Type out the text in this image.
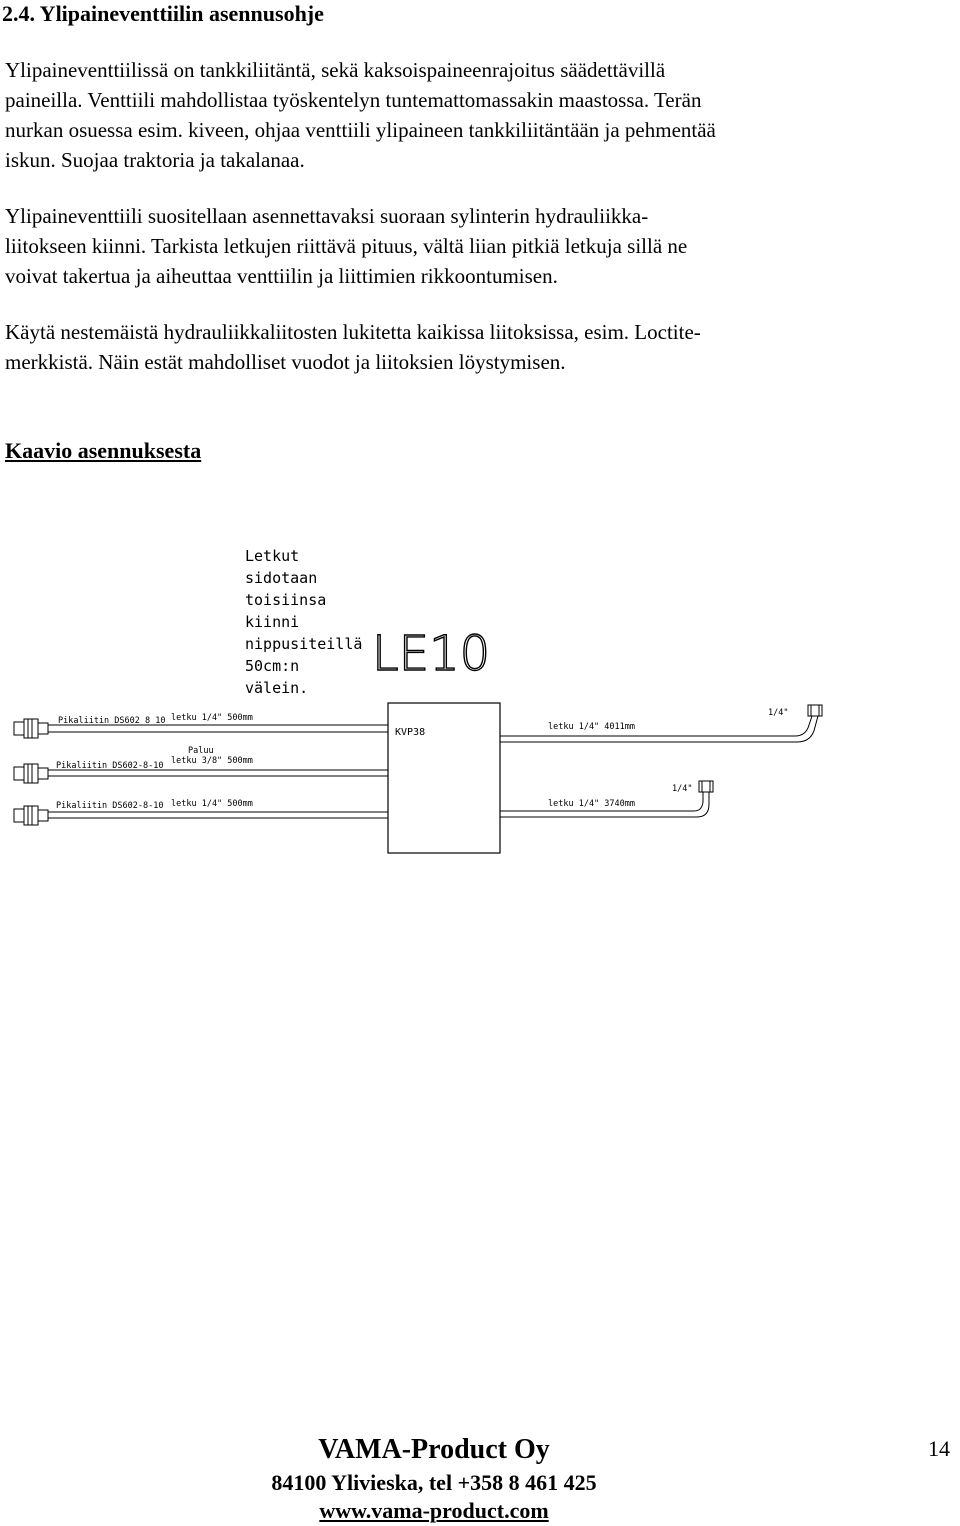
2.4. Ylipaineventtiilin asennusohje

Ylipaineventtiilissä on tankkiliitäntä, sekä kaksoispaineenrajoitus säädettävillä
paineilla. Venttiili mahdollistaa työskentelyn tuntemattomassakin maastossa. Terän
nurkan osuessa esim. kiveen, ohjaa venttiili ylipaineen tankkiliitäntään ja pehmentää
iskun. Suojaa traktoria ja takalanaa.

Ylipaineventtiili suositellaan asennettavaksi suoraan sylinterin hydrauliikka-
liitokseen kiinni. Tarkista letkujen riittävä pituus, vältä liian pitkiä letkuja sillä ne
voivat takertua ja aiheuttaa venttiilin ja liittimien rikkoontumisen.

Käytä nestemäistä hydrauliikkaliitosten lukitetta kaikissa liitoksissa, esim. Loctite-
merkkistä. Näin estät mahdolliset vuodot ja liitoksien löystymisen.

Kaavio asennuksesta
Letkut
sidotaan
toisiinsa
kiinni
nippusiteillä
50cm:n
välein.
LE10
KVP38
Pikaliitin DS602 8 10 letku 1/4" 500mm
Paluu
letku 3/8" 500mm
Pikaliitin DS602-8-10
Pikaliitin DS602-8-10 letku 1/4" 500mm
letku 1/4" 4011mm
letku 1/4" 3740mm
1/4"
1/4"
VAMA-Product Oy
84100 Ylivieska, tel +358 8 461 425
www.vama-product.com
14
